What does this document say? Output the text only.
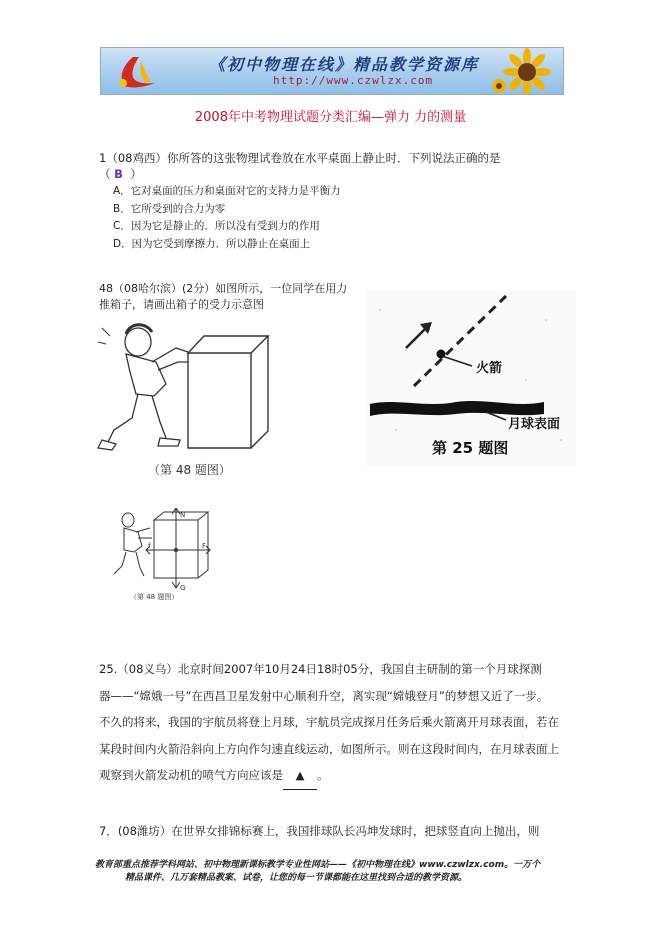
《初中物理在线》精品教学资源库
http://www.czwlzx.com
2008年中考物理试题分类汇编—弹力 力的测量
1（08鸡西）你所答的这张物理试卷放在水平桌面上静止时．下列说法正确的是
（ B ）
A．它对桌面的压力和桌面对它的支持力是平衡力
B．它所受到的合力为零
C．因为它是静止的．所以没有受到力的作用
D．因为它受到摩擦力．所以静止在桌面上
48（08哈尔滨）(2分）如图所示，一位同学在用力
推箱子，请画出箱子的受力示意图
（第 48 题图）
N
f	F
G
（第 48 题图）
火箭
月球表面
第 25 题图
25.（08义乌）北京时间2007年10月24日18时05分，我国自主研制的第一个月球探测
器——“嫦娥一号”在西昌卫星发射中心顺利升空，离实现“嫦娥登月”的梦想又近了一步。
不久的将来，我国的宇航员将登上月球，宇航员完成探月任务后乘火箭离开月球表面，若在
某段时间内火箭沿斜向上方向作匀速直线运动，如图所示。则在这段时间内，在月球表面上
观察到火箭发动机的喷气方向应该是 ▲ 。
7．(08潍坊）在世界女排锦标赛上，我国排球队长冯坤发球时，把球竖直向上抛出，则
教育部重点推荐学科网站、初中物理新课标教学专业性网站——《初中物理在线》www.czwlzx.com。一万个
精品课件、几万套精品教案、试卷，让您的每一节课都能在这里找到合适的教学资源。
